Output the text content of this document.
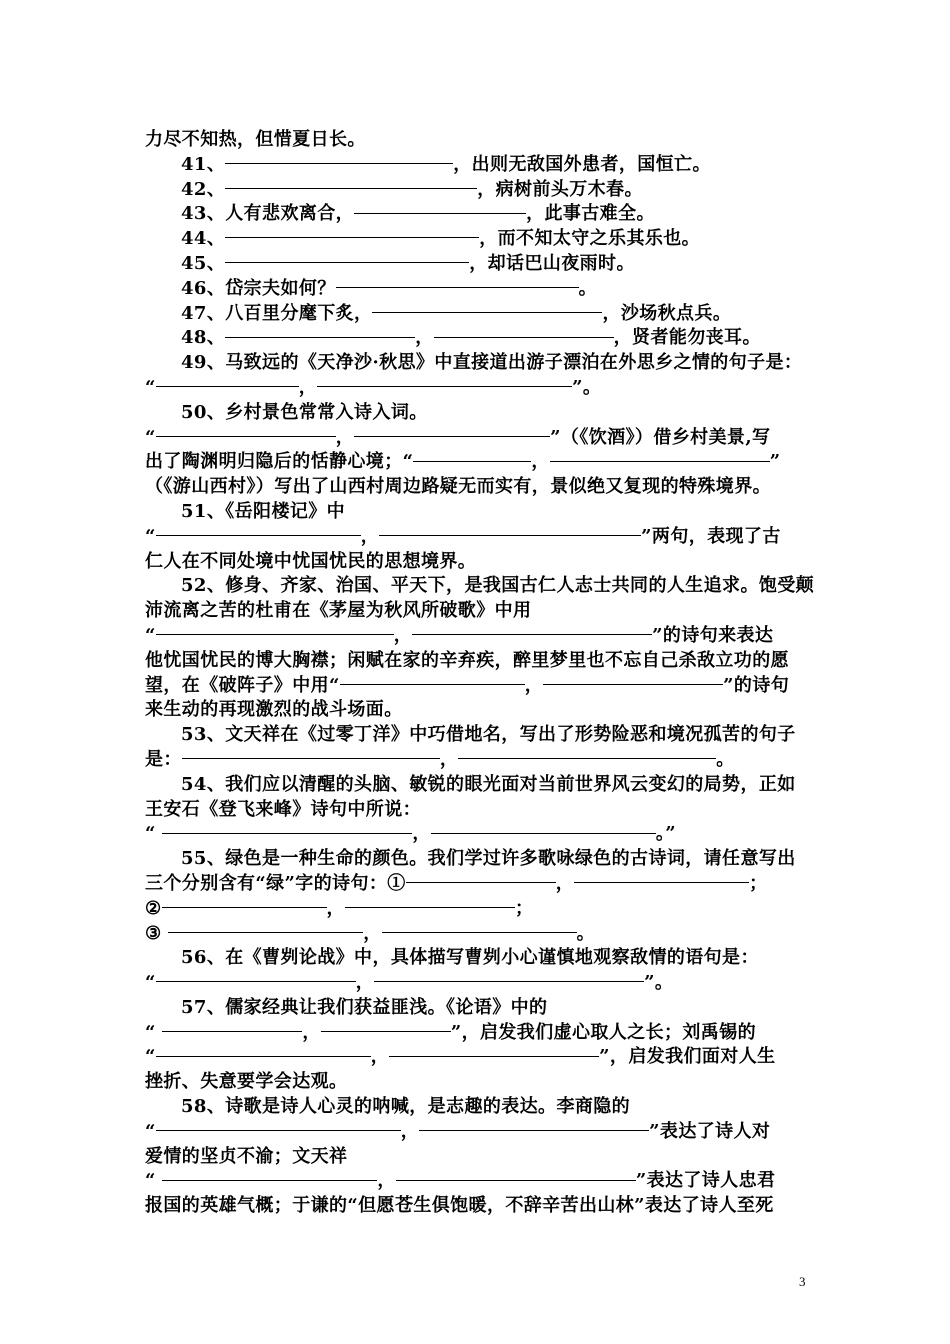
力尽不知热，但惜夏日长。
41、	，出则无敌国外患者，国恒亡。
42、	，病树前头万木春。
43、人有悲欢离合，	，此事古难全。
44、	，而不知太守之乐其乐也。
45、	，却话巴山夜雨时。
46、岱宗夫如何？	。
47、八百里分麾下炙，	，沙场秋点兵。
48、	，	，贤者能勿丧耳。
49、马致远的《天净沙·秋思》中直接道出游子漂泊在外思乡之情的句子是：
“	，	”。
50、乡村景色常常入诗入词。
“	，	”（《饮酒》）借乡村美景,写
出了陶渊明归隐后的恬静心境；“	，	”
（《游山西村》）写出了山西村周边路疑无而实有，景似绝又复现的特殊境界。
51、《岳阳楼记》中
“	，	”两句，表现了古
仁人在不同处境中忧国忧民的思想境界。
52、修身、齐家、治国、平天下，是我国古仁人志士共同的人生追求。饱受颠
沛流离之苦的杜甫在《茅屋为秋风所破歌》中用
“	，	”的诗句来表达
他忧国忧民的博大胸襟；闲赋在家的辛弃疾，醉里梦里也不忘自己杀敌立功的愿
望，在《破阵子》中用“	，	”的诗句
来生动的再现激烈的战斗场面。
53、文天祥在《过零丁洋》中巧借地名，写出了形势险恶和境况孤苦的句子
是：	，	。
54、我们应以清醒的头脑、敏锐的眼光面对当前世界风云变幻的局势，正如
王安石《登飞来峰》诗句中所说：
“	，	。”
55、绿色是一种生命的颜色。我们学过许多歌咏绿色的古诗词，请任意写出
三个分别含有“绿”字的诗句：①	，	；
②	，	；
③	，	。
56、在《曹刿论战》中，具体描写曹刿小心谨慎地观察敌情的语句是：
“	，	”。
57、儒家经典让我们获益匪浅。《论语》中的
“	，	”，启发我们虚心取人之长；刘禹锡的
“	，	”，启发我们面对人生
挫折、失意要学会达观。
58、诗歌是诗人心灵的呐喊，是志趣的表达。李商隐的
“	，	”表达了诗人对
爱情的坚贞不渝；文天祥
“	，	”表达了诗人忠君
报国的英雄气概；于谦的“但愿苍生俱饱暖，不辞辛苦出山林”表达了诗人至死
3
